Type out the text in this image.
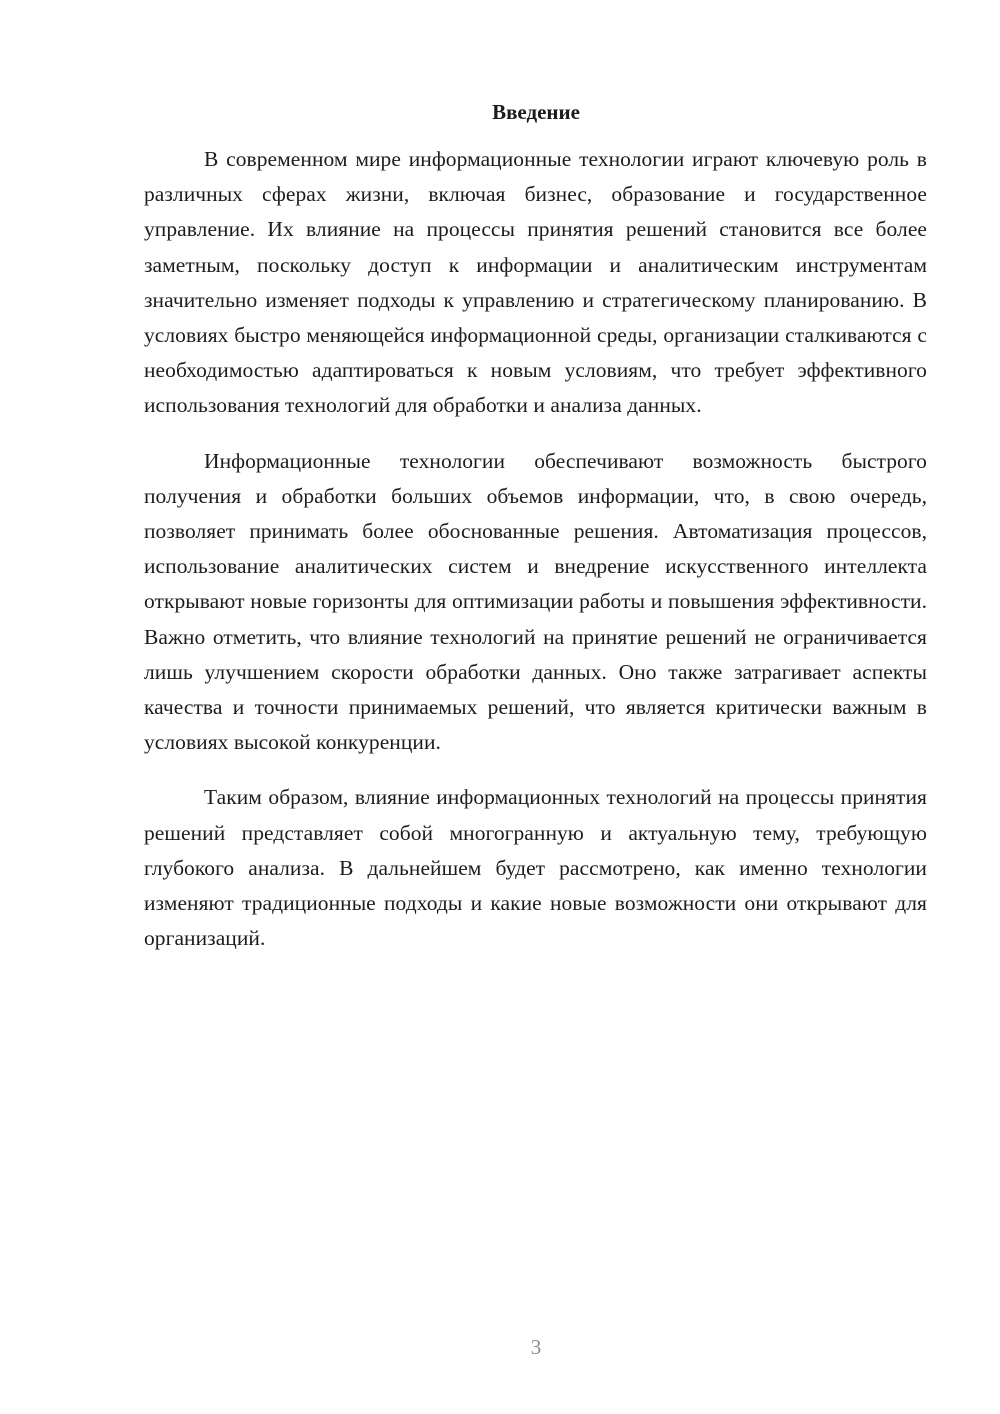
Введение

В современном мире информационные технологии играют ключевую роль в различных сферах жизни, включая бизнес, образование и государственное управление. Их влияние на процессы принятия решений становится все более заметным, поскольку доступ к информации и аналитическим инструментам значительно изменяет подходы к управлению и стратегическому планированию. В условиях быстро меняющейся информационной среды, организации сталкиваются с необходимостью адаптироваться к новым условиям, что требует эффективного использования технологий для обработки и анализа данных.

Информационные технологии обеспечивают возможность быстрого получения и обработки больших объемов информации, что, в свою очередь, позволяет принимать более обоснованные решения. Автоматизация процессов, использование аналитических систем и внедрение искусственного интеллекта открывают новые горизонты для оптимизации работы и повышения эффективности. Важно отметить, что влияние технологий на принятие решений не ограничивается лишь улучшением скорости обработки данных. Оно также затрагивает аспекты качества и точности принимаемых решений, что является критически важным в условиях высокой конкуренции.

Таким образом, влияние информационных технологий на процессы принятия решений представляет собой многогранную и актуальную тему, требующую глубокого анализа. В дальнейшем будет рассмотрено, как именно технологии изменяют традиционные подходы и какие новые возможности они открывают для организаций.

3
